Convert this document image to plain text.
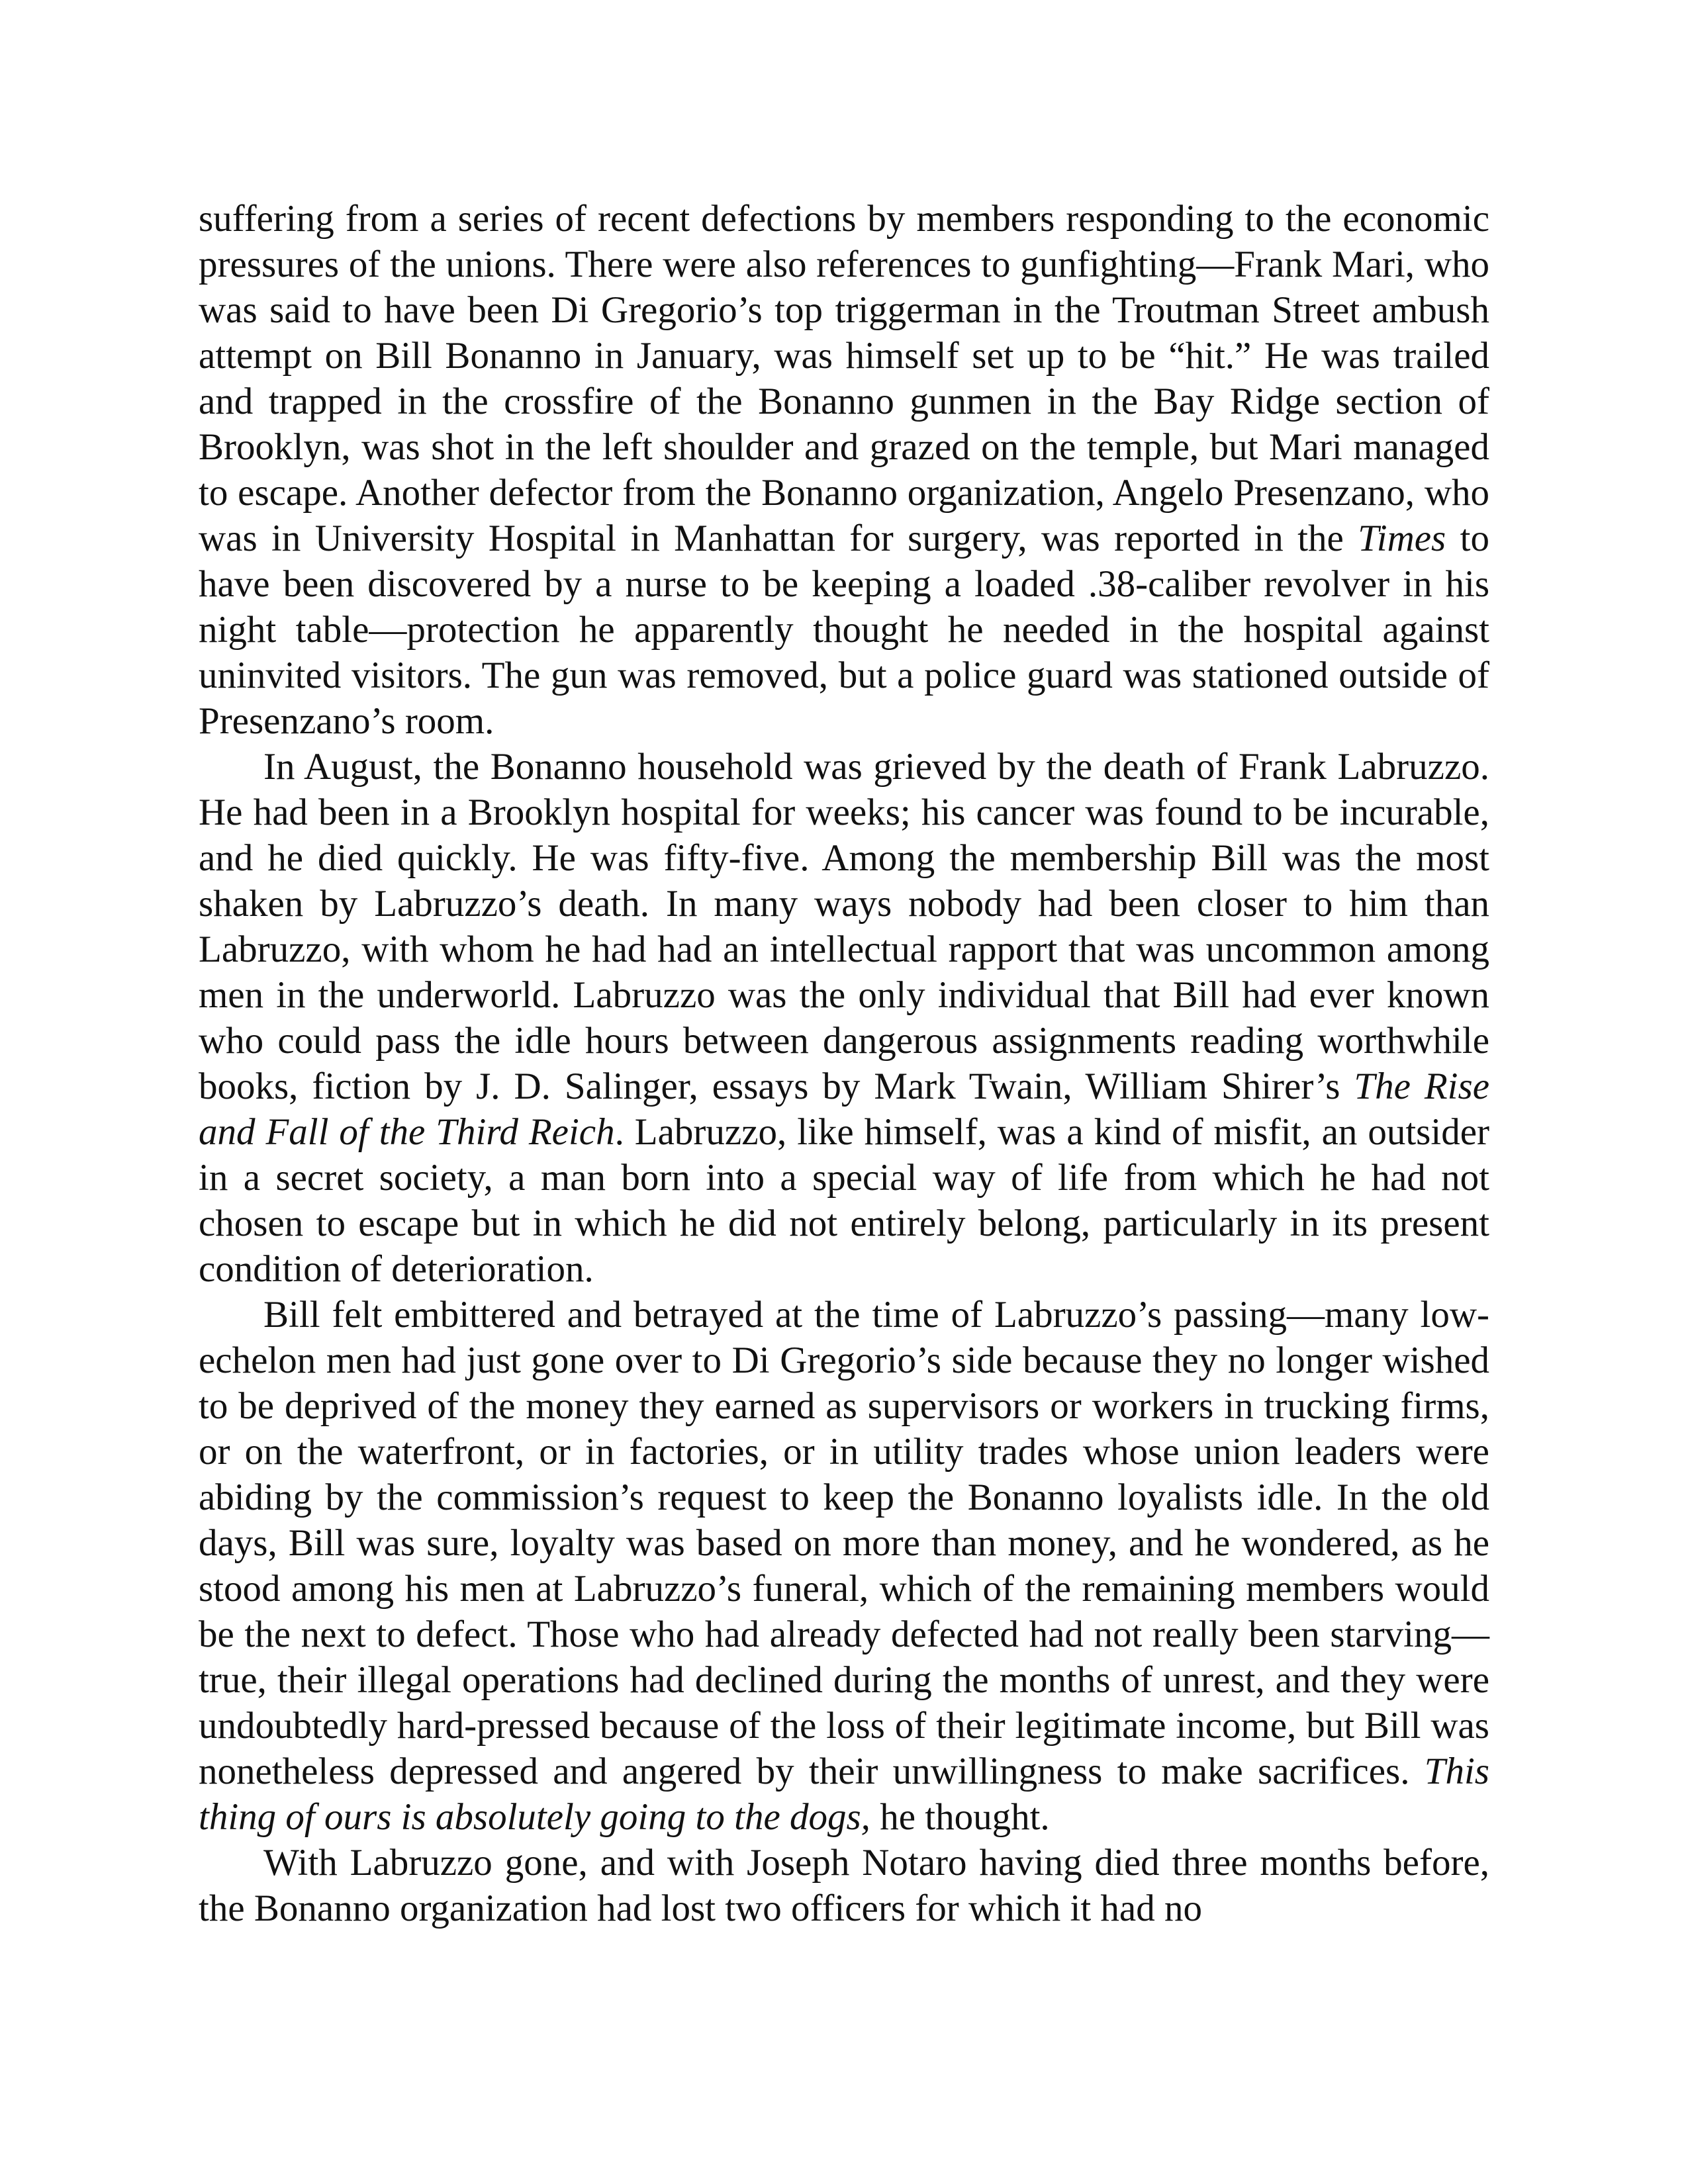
suffering from a series of recent defections by members responding to the economic pressures of the unions. There were also references to gunfighting—Frank Mari, who was said to have been Di Gregorio’s top triggerman in the Troutman Street ambush attempt on Bill Bonanno in January, was himself set up to be “hit.” He was trailed and trapped in the crossfire of the Bonanno gunmen in the Bay Ridge section of Brooklyn, was shot in the left shoulder and grazed on the temple, but Mari managed to escape. Another defector from the Bonanno organization, Angelo Presenzano, who was in University Hospital in Manhattan for surgery, was reported in the Times to have been discovered by a nurse to be keeping a loaded .38-caliber revolver in his night table—protection he apparently thought he needed in the hospital against uninvited visitors. The gun was removed, but a police guard was stationed outside of Presenzano’s room.

In August, the Bonanno household was grieved by the death of Frank Labruzzo. He had been in a Brooklyn hospital for weeks; his cancer was found to be incurable, and he died quickly. He was fifty-five. Among the membership Bill was the most shaken by Labruzzo’s death. In many ways nobody had been closer to him than Labruzzo, with whom he had had an intellectual rapport that was uncommon among men in the underworld. Labruzzo was the only individual that Bill had ever known who could pass the idle hours between dangerous assignments reading worthwhile books, fiction by J. D. Salinger, essays by Mark Twain, William Shirer’s The Rise and Fall of the Third Reich. Labruzzo, like himself, was a kind of misfit, an outsider in a secret society, a man born into a special way of life from which he had not chosen to escape but in which he did not entirely belong, particularly in its present condition of deterioration.

Bill felt embittered and betrayed at the time of Labruzzo’s passing—many low-echelon men had just gone over to Di Gregorio’s side because they no longer wished to be deprived of the money they earned as supervisors or workers in trucking firms, or on the waterfront, or in factories, or in utility trades whose union leaders were abiding by the commission’s request to keep the Bonanno loyalists idle. In the old days, Bill was sure, loyalty was based on more than money, and he wondered, as he stood among his men at Labruzzo’s funeral, which of the remaining members would be the next to defect. Those who had already defected had not really been starving—true, their illegal operations had declined during the months of unrest, and they were undoubtedly hard-pressed because of the loss of their legitimate income, but Bill was nonetheless depressed and angered by their unwillingness to make sacrifices. This thing of ours is absolutely going to the dogs, he thought.

With Labruzzo gone, and with Joseph Notaro having died three months before, the Bonanno organization had lost two officers for which it had no
